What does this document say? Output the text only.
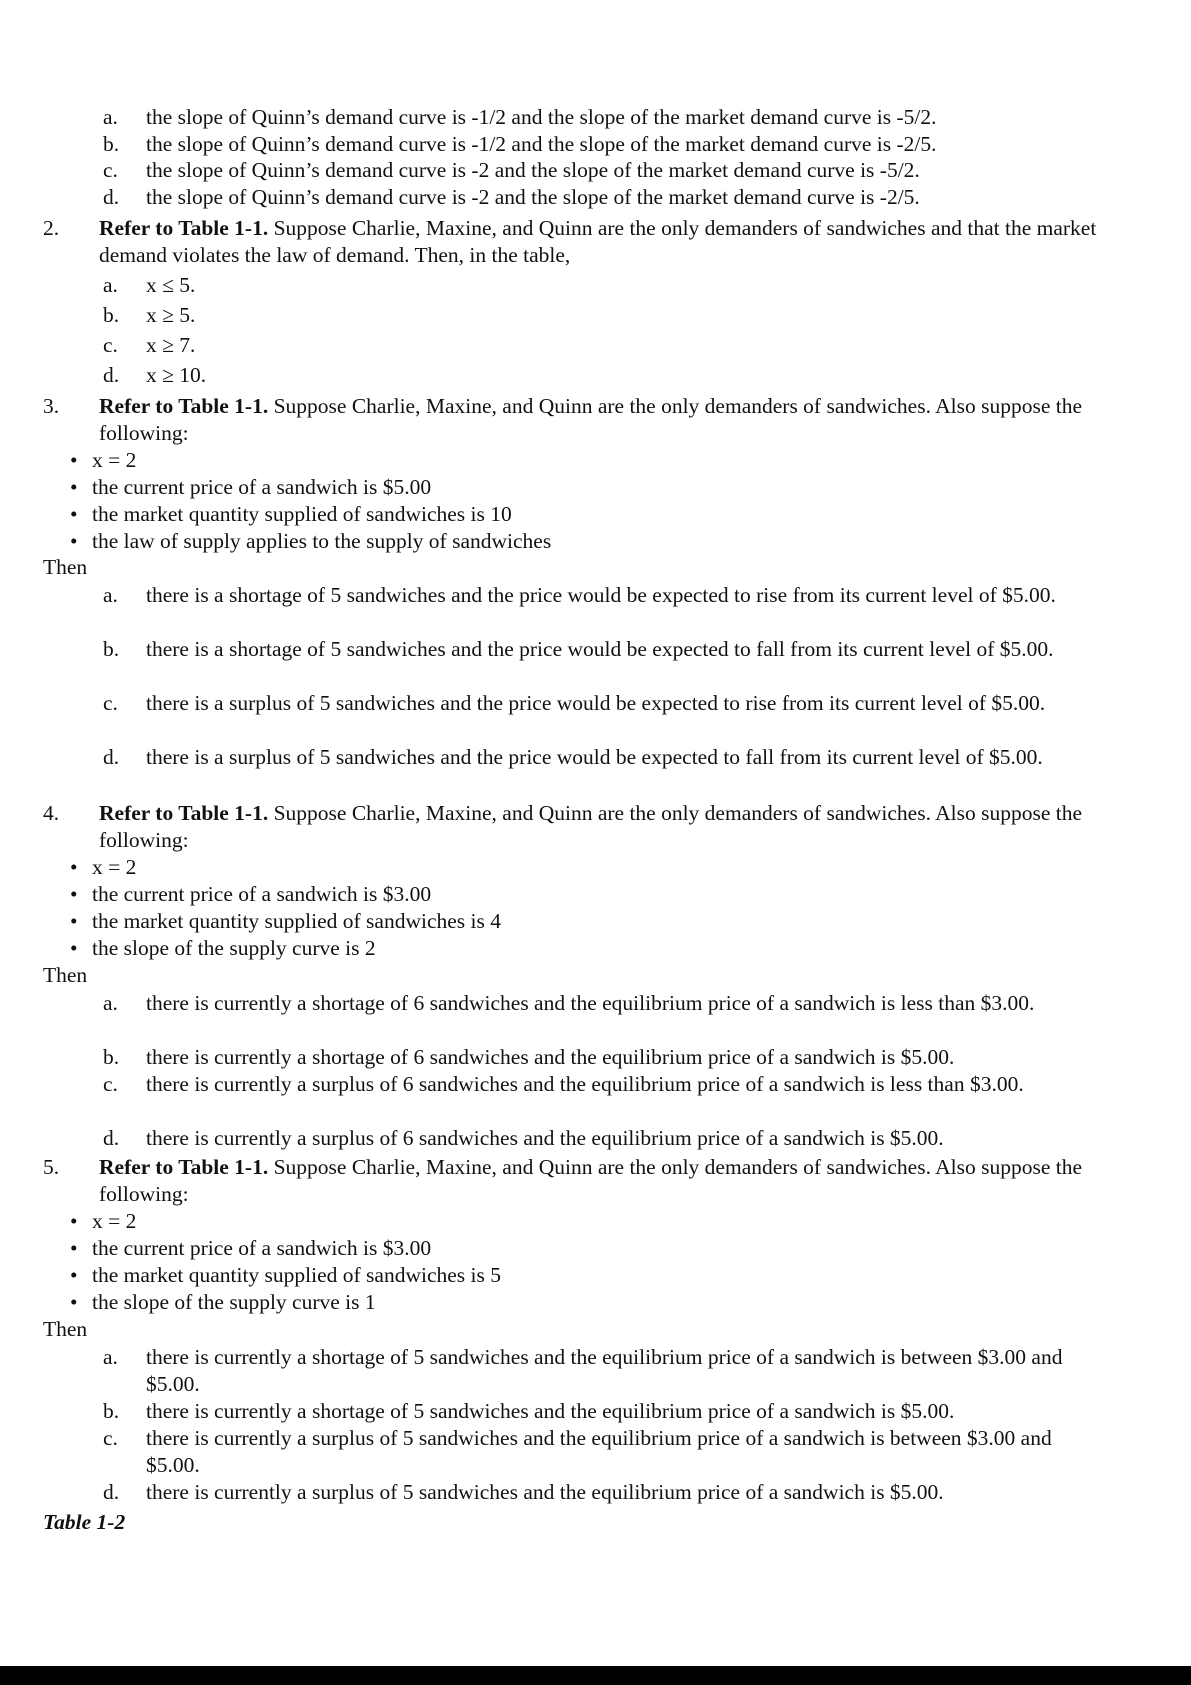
a.	the slope of Quinn’s demand curve is -1/2 and the slope of the market demand curve is -5/2.
b.	the slope of Quinn’s demand curve is -1/2 and the slope of the market demand curve is -2/5.
c.	the slope of Quinn’s demand curve is -2 and the slope of the market demand curve is -5/2.
d.	the slope of Quinn’s demand curve is -2 and the slope of the market demand curve is -2/5.
2. Refer to Table 1-1. Suppose Charlie, Maxine, and Quinn are the only demanders of sandwiches and that the market demand violates the law of demand. Then, in the table,
a.	x ≤ 5.
b.	x ≥ 5.
c.	x ≥ 7.
d.	x ≥ 10.
3. Refer to Table 1-1. Suppose Charlie, Maxine, and Quinn are the only demanders of sandwiches. Also suppose the following:
• x = 2
• the current price of a sandwich is $5.00
• the market quantity supplied of sandwiches is 10
• the law of supply applies to the supply of sandwiches
Then
a.	there is a shortage of 5 sandwiches and the price would be expected to rise from its current level of $5.00.
b.	there is a shortage of 5 sandwiches and the price would be expected to fall from its current level of $5.00.
c.	there is a surplus of 5 sandwiches and the price would be expected to rise from its current level of $5.00.
d.	there is a surplus of 5 sandwiches and the price would be expected to fall from its current level of $5.00.
4. Refer to Table 1-1. Suppose Charlie, Maxine, and Quinn are the only demanders of sandwiches. Also suppose the following:
• x = 2
• the current price of a sandwich is $3.00
• the market quantity supplied of sandwiches is 4
• the slope of the supply curve is 2
Then
a.	there is currently a shortage of 6 sandwiches and the equilibrium price of a sandwich is less than $3.00.
b.	there is currently a shortage of 6 sandwiches and the equilibrium price of a sandwich is $5.00.
c.	there is currently a surplus of 6 sandwiches and the equilibrium price of a sandwich is less than $3.00.
d.	there is currently a surplus of 6 sandwiches and the equilibrium price of a sandwich is $5.00.
5. Refer to Table 1-1. Suppose Charlie, Maxine, and Quinn are the only demanders of sandwiches. Also suppose the following:
• x = 2
• the current price of a sandwich is $3.00
• the market quantity supplied of sandwiches is 5
• the slope of the supply curve is 1
Then
a.	there is currently a shortage of 5 sandwiches and the equilibrium price of a sandwich is between $3.00 and $5.00.
b.	there is currently a shortage of 5 sandwiches and the equilibrium price of a sandwich is $5.00.
c.	there is currently a surplus of 5 sandwiches and the equilibrium price of a sandwich is between $3.00 and $5.00.
d.	there is currently a surplus of 5 sandwiches and the equilibrium price of a sandwich is $5.00.
Table 1-2
